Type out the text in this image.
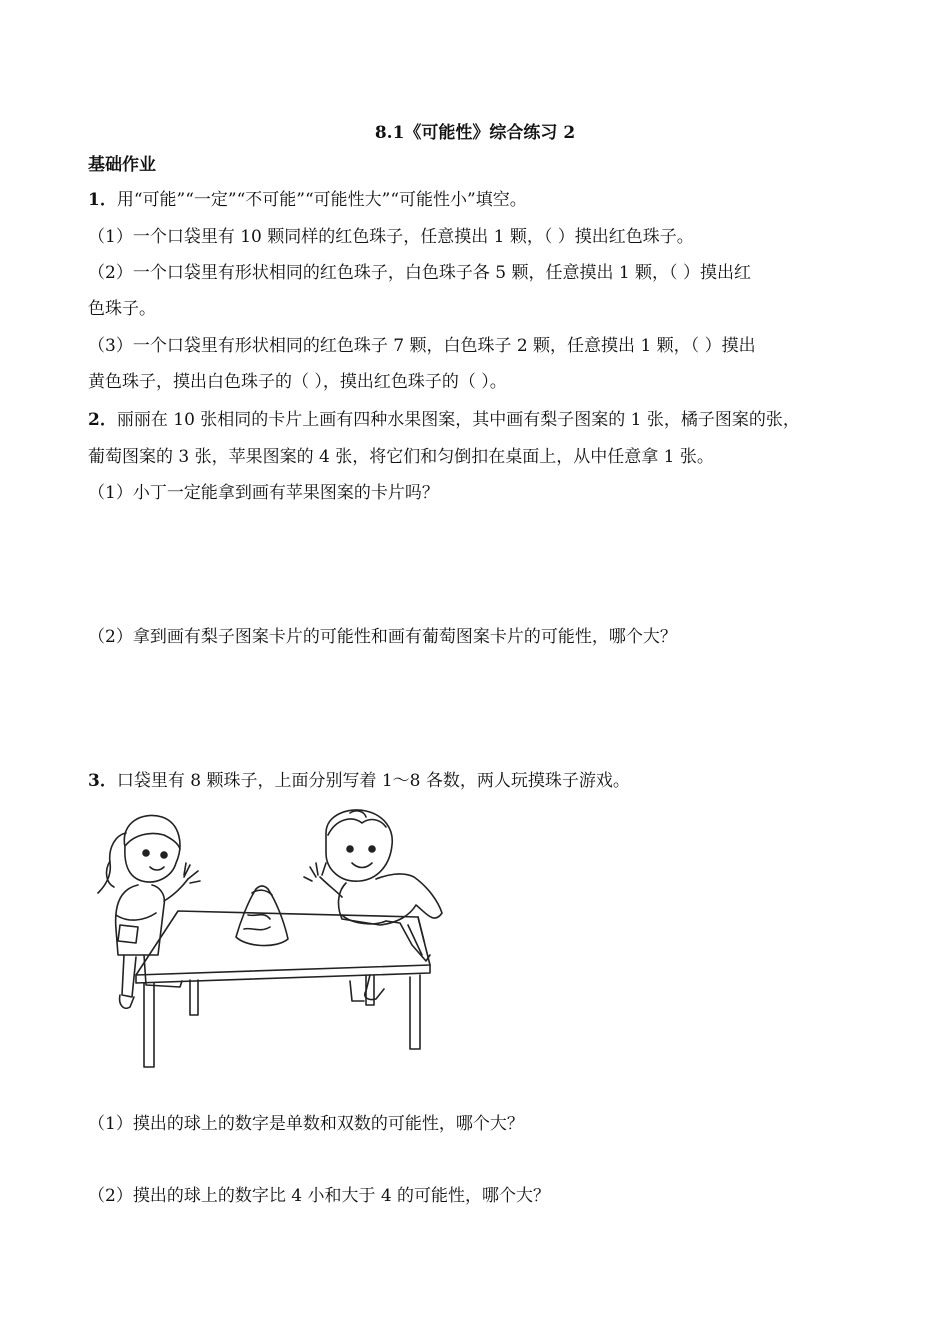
8.1《可能性》综合练习 2
基础作业
1．用“可能”“一定”“不可能”“可能性大”“可能性小”填空。
（1）一个口袋里有 10 颗同样的红色珠子，任意摸出 1 颗，（ ）摸出红色珠子。
（2）一个口袋里有形状相同的红色珠子，白色珠子各 5 颗，任意摸出 1 颗，（ ）摸出红
色珠子。
（3）一个口袋里有形状相同的红色珠子 7 颗，白色珠子 2 颗，任意摸出 1 颗，（ ）摸出
黄色珠子，摸出白色珠子的（ ），摸出红色珠子的（ ）。
2．丽丽在 10 张相同的卡片上画有四种水果图案，其中画有梨子图案的 1 张，橘子图案的张，
葡萄图案的 3 张，苹果图案的 4 张，将它们和匀倒扣在桌面上，从中任意拿 1 张。
（1）小丁一定能拿到画有苹果图案的卡片吗？
（2）拿到画有梨子图案卡片的可能性和画有葡萄图案卡片的可能性，哪个大？
3．口袋里有 8 颗珠子，上面分别写着 1～8 各数，两人玩摸珠子游戏。
（1）摸出的球上的数字是单数和双数的可能性，哪个大？
（2）摸出的球上的数字比 4 小和大于 4 的可能性，哪个大？
